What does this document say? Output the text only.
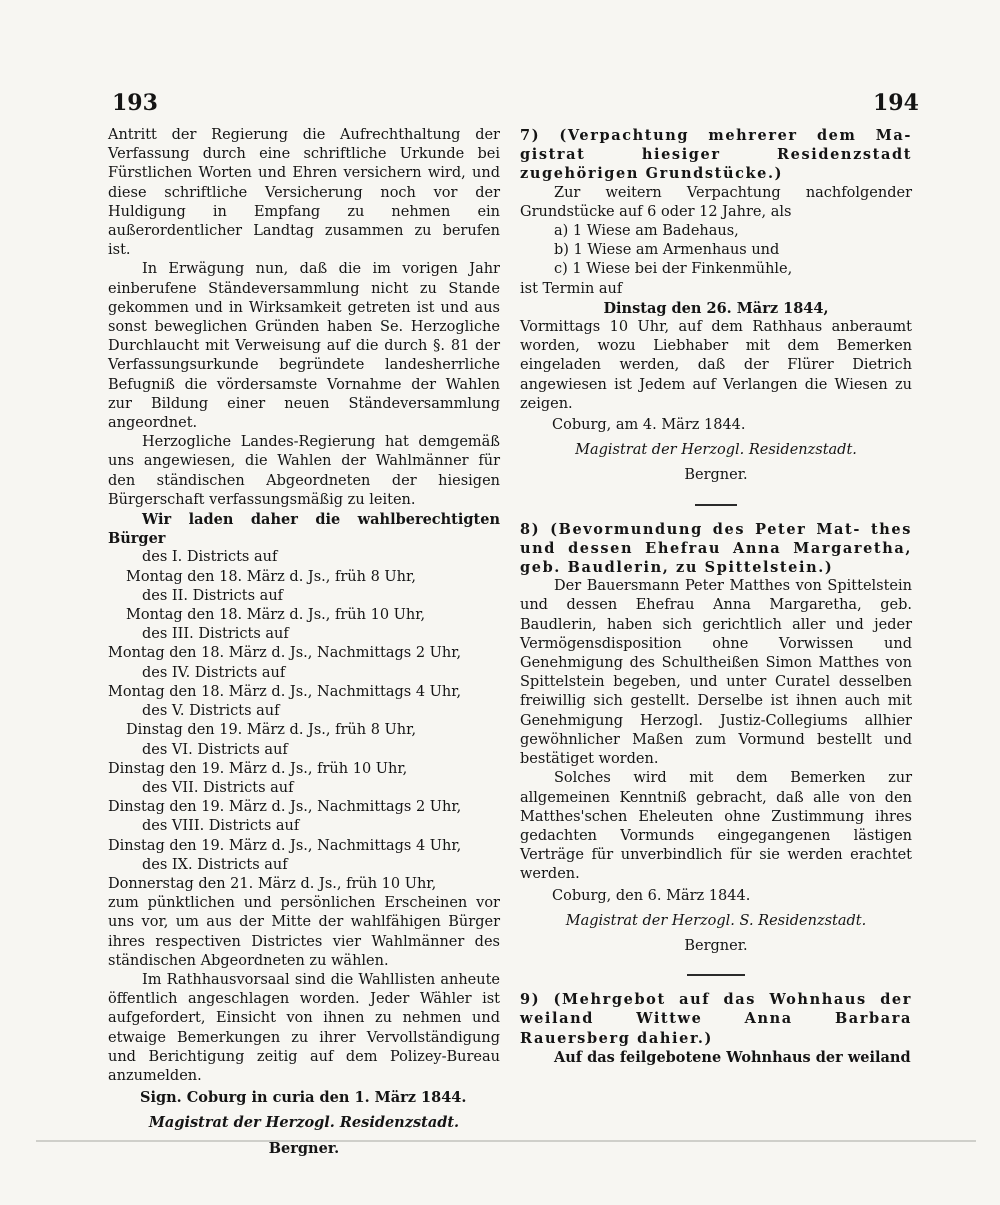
193	194

Antritt der Regierung die Aufrechthaltung der Verfassung durch eine schriftliche Urkunde bei Fürstlichen Worten und Ehren versichern wird, und diese schriftliche Versicherung noch vor der Huldigung in Empfang zu nehmen ein außerordentlicher Landtag zusammen zu berufen ist.

In Erwägung nun, daß die im vorigen Jahr einberufene Ständeversammlung nicht zu Stande gekommen und in Wirksamkeit getreten ist und aus sonst beweglichen Gründen haben Se. Herzogliche Durchlaucht mit Verweisung auf die durch §. 81 der Verfassungsurkunde begründete landesherrliche Befugniß die vördersamste Vornahme der Wahlen zur Bildung einer neuen Ständeversammlung angeordnet.

Herzogliche Landes-Regierung hat demgemäß uns angewiesen, die Wahlen der Wahlmänner für den ständischen Abgeordneten der hiesigen Bürgerschaft verfassungsmäßig zu leiten.

Wir laden daher die wahlberechtigten Bürger

des I. Districts auf
Montag den 18. März d. Js., früh 8 Uhr,
des II. Districts auf
Montag den 18. März d. Js., früh 10 Uhr,
des III. Districts auf
Montag den 18. März d. Js., Nachmittags 2 Uhr,
des IV. Districts auf
Montag den 18. März d. Js., Nachmittags 4 Uhr,
des V. Districts auf
Dinstag den 19. März d. Js., früh 8 Uhr,
des VI. Districts auf
Dinstag den 19. März d. Js., früh 10 Uhr,
des VII. Districts auf
Dinstag den 19. März d. Js., Nachmittags 2 Uhr,
des VIII. Districts auf
Dinstag den 19. März d. Js., Nachmittags 4 Uhr,
des IX. Districts auf
Donnerstag den 21. März d. Js., früh 10 Uhr,

zum pünktlichen und persönlichen Erscheinen vor uns vor, um aus der Mitte der wahlfähigen Bürger ihres respectiven Districtes vier Wahlmänner des ständischen Abgeordneten zu wählen.

Im Rathhausvorsaal sind die Wahllisten anheute öffentlich angeschlagen worden. Jeder Wähler ist aufgefordert, Einsicht von ihnen zu nehmen und etwaige Bemerkungen zu ihrer Vervollständigung und Berichtigung zeitig auf dem Polizey-Bureau anzumelden.

Sign. Coburg in curia den 1. März 1844.
Magistrat der Herzogl. Residenzstadt.
Bergner.
7) (Verpachtung mehrerer dem Ma- gistrat hiesiger Residenzstadt zugehörigen Grundstücke.)

Zur weitern Verpachtung nachfolgender Grundstücke auf 6 oder 12 Jahre, als

a) 1 Wiese am Badehaus,
b) 1 Wiese am Armenhaus und
c) 1 Wiese bei der Finkenmühle,
ist Termin auf
Dinstag den 26. März 1844,

Vormittags 10 Uhr, auf dem Rathhaus anberaumt worden, wozu Liebhaber mit dem Bemerken eingeladen werden, daß der Flürer Dietrich angewiesen ist Jedem auf Verlangen die Wiesen zu zeigen.

Coburg, am 4. März 1844.
Magistrat der Herzogl. Residenzstadt.
Bergner.
8) (Bevormundung des Peter Mat- thes und dessen Ehefrau Anna Margaretha, geb. Baudlerin, zu Spittelstein.)

Der Bauersmann Peter Matthes von Spittelstein und dessen Ehefrau Anna Margaretha, geb. Baudlerin, haben sich gerichtlich aller und jeder Vermögensdisposition ohne Vorwissen und Genehmigung des Schultheißen Simon Matthes von Spittelstein begeben, und unter Curatel desselben freiwillig sich gestellt. Derselbe ist ihnen auch mit Genehmigung Herzogl. Justiz-Collegiums allhier gewöhnlicher Maßen zum Vormund bestellt und bestätiget worden.

Solches wird mit dem Bemerken zur allgemeinen Kenntniß gebracht, daß alle von den Matthes'schen Eheleuten ohne Zustimmung ihres gedachten Vormunds eingegangenen lästigen Verträge für unverbindlich für sie werden erachtet werden.

Coburg, den 6. März 1844.
Magistrat der Herzogl. S. Residenzstadt.
Bergner.
9) (Mehrgebot auf das Wohnhaus der weiland Wittwe Anna Barbara Rauersberg dahier.)

Auf das feilgebotene Wohnhaus der weiland
